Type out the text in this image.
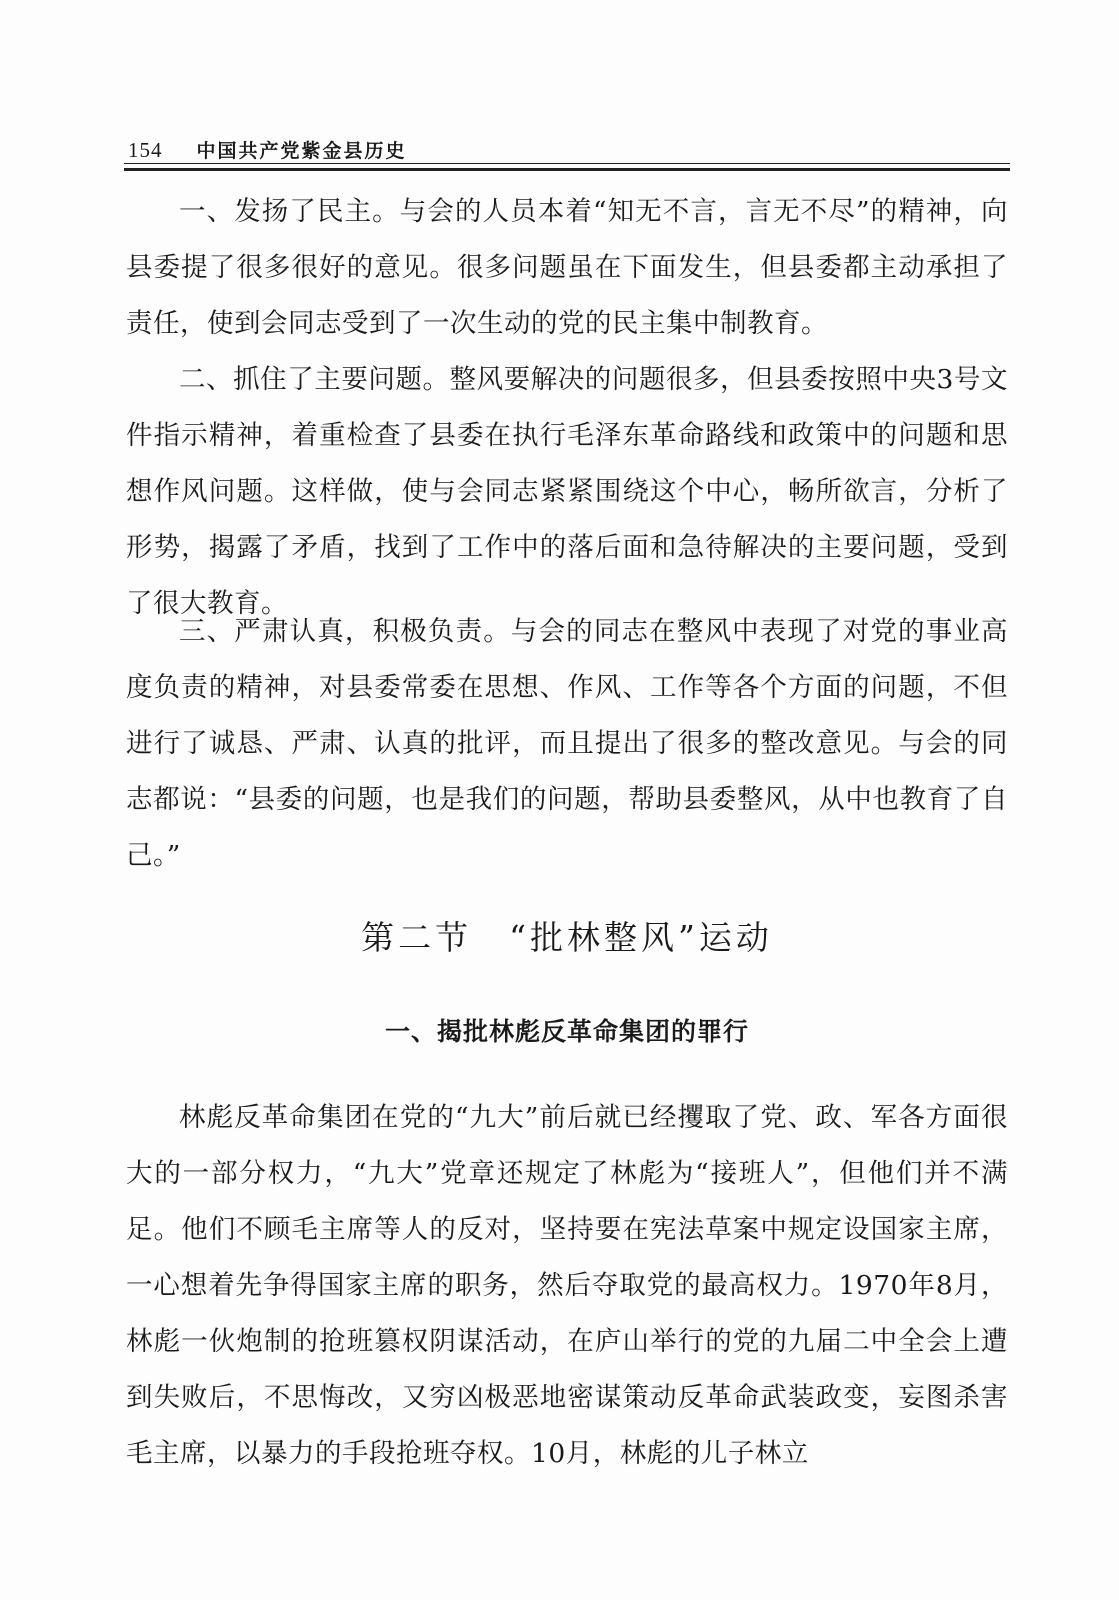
154 中国共产党紫金县历史

一、发扬了民主。与会的人员本着“知无不言，言无不尽”的精神，向县委提了很多很好的意见。很多问题虽在下面发生，但县委都主动承担了责任，使到会同志受到了一次生动的党的民主集中制教育。

二、抓住了主要问题。整风要解决的问题很多，但县委按照中央3号文件指示精神，着重检查了县委在执行毛泽东革命路线和政策中的问题和思想作风问题。这样做，使与会同志紧紧围绕这个中心，畅所欲言，分析了形势，揭露了矛盾，找到了工作中的落后面和急待解决的主要问题，受到了很大教育。

三、严肃认真，积极负责。与会的同志在整风中表现了对党的事业高度负责的精神，对县委常委在思想、作风、工作等各个方面的问题，不但进行了诚恳、严肃、认真的批评，而且提出了很多的整改意见。与会的同志都说：“县委的问题，也是我们的问题，帮助县委整风，从中也教育了自己。”

第二节　“批林整风”运动
一、揭批林彪反革命集团的罪行

林彪反革命集团在党的“九大”前后就已经攫取了党、政、军各方面很大的一部分权力，“九大”党章还规定了林彪为“接班人”，但他们并不满足。他们不顾毛主席等人的反对，坚持要在宪法草案中规定设国家主席，一心想着先争得国家主席的职务，然后夺取党的最高权力。1970年8月，林彪一伙炮制的抢班篡权阴谋活动，在庐山举行的党的九届二中全会上遭到失败后，不思悔改，又穷凶极恶地密谋策动反革命武装政变，妄图杀害毛主席，以暴力的手段抢班夺权。10月，林彪的儿子林立
